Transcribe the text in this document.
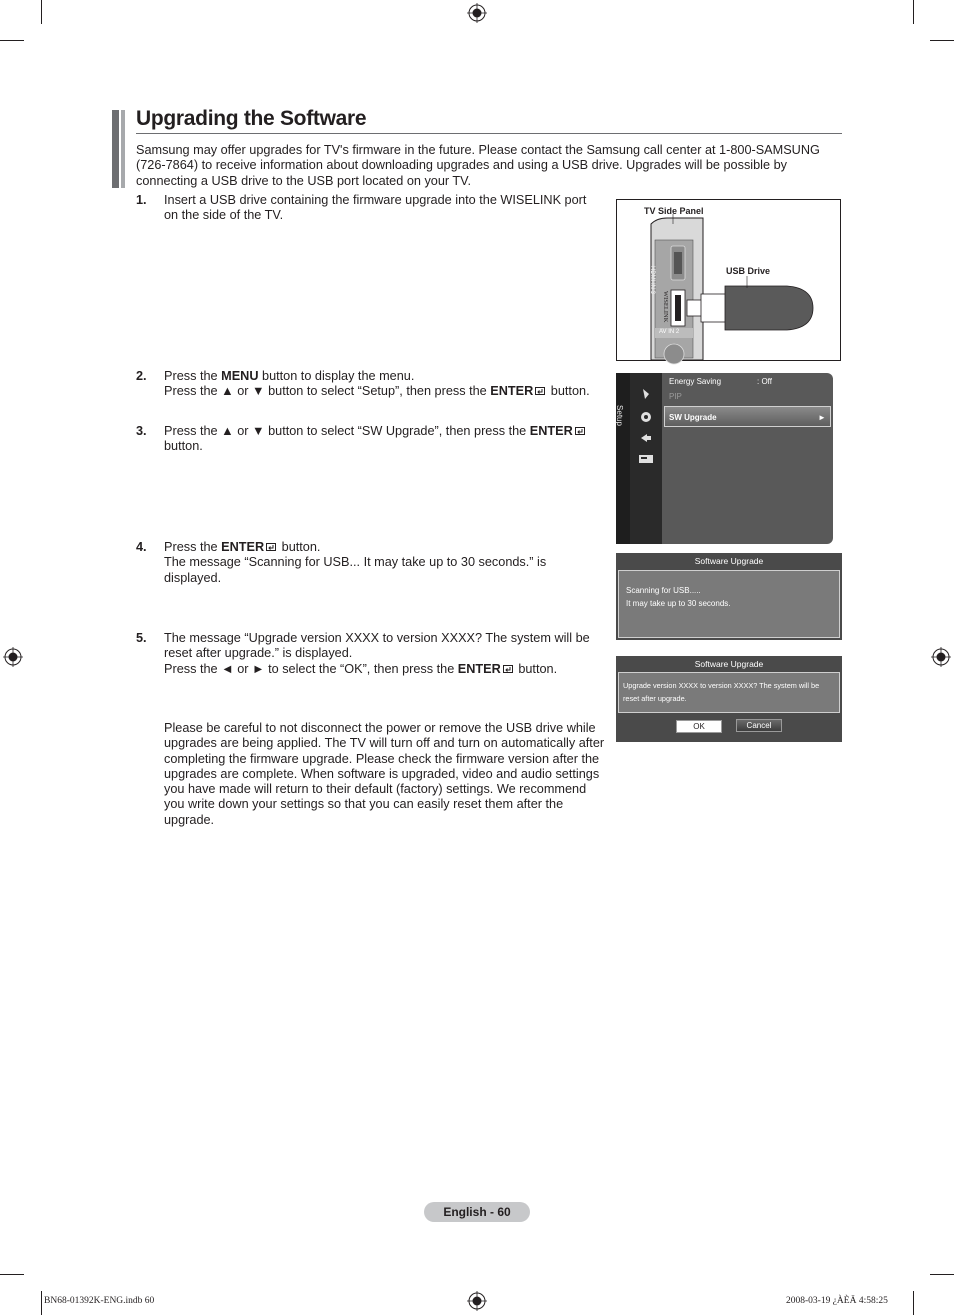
Upgrading the Software
Samsung may offer upgrades for TV's firmware in the future. Please contact the Samsung call center at 1-800-SAMSUNG (726-7864) to receive information about downloading upgrades and using a USB drive. Upgrades will be possible by connecting a USB drive to the USB port located on your TV.
1. Insert a USB drive containing the firmware upgrade into the WISELINK port on the side of the TV.

2. Press the MENU button to display the menu.

Press the ▲ or ▼ button to select “Setup”, then press the ENTER button.

3. Press the ▲ or ▼ button to select “SW Upgrade”, then press the ENTER button.

4. Press the ENTER button.

The message “Scanning for USB... It may take up to 30 seconds.” is displayed.

5. The message “Upgrade version XXXX to version XXXX? The system will be reset after upgrade.” is displayed.

Press the ◄ or ► to select the “OK”, then press the ENTER button.

Please be careful to not disconnect the power or remove the USB drive while upgrades are being applied. The TV will turn off and turn on automatically after completing the firmware upgrade. Please check the firmware version after the upgrades are complete. When software is upgraded, video and audio settings you have made will return to their default (factory) settings. We recommend you write down your settings so that you can easily reset them after the upgrade.
TV Side Panel
USB Drive
HDMI IN 3
WISELINK
AV IN 2
Setup
Energy Saving	: Off
PIP
SW Upgrade	►
Software Upgrade
Scanning for USB.....
It may take up to 30 seconds.
Software Upgrade
Upgrade version XXXX to version XXXX? The system will be reset after upgrade.
OK	Cancel
English - 60
BN68-01392K-ENG.indb 60	2008-03-19 ¿ÀÈÄ 4:58:25
